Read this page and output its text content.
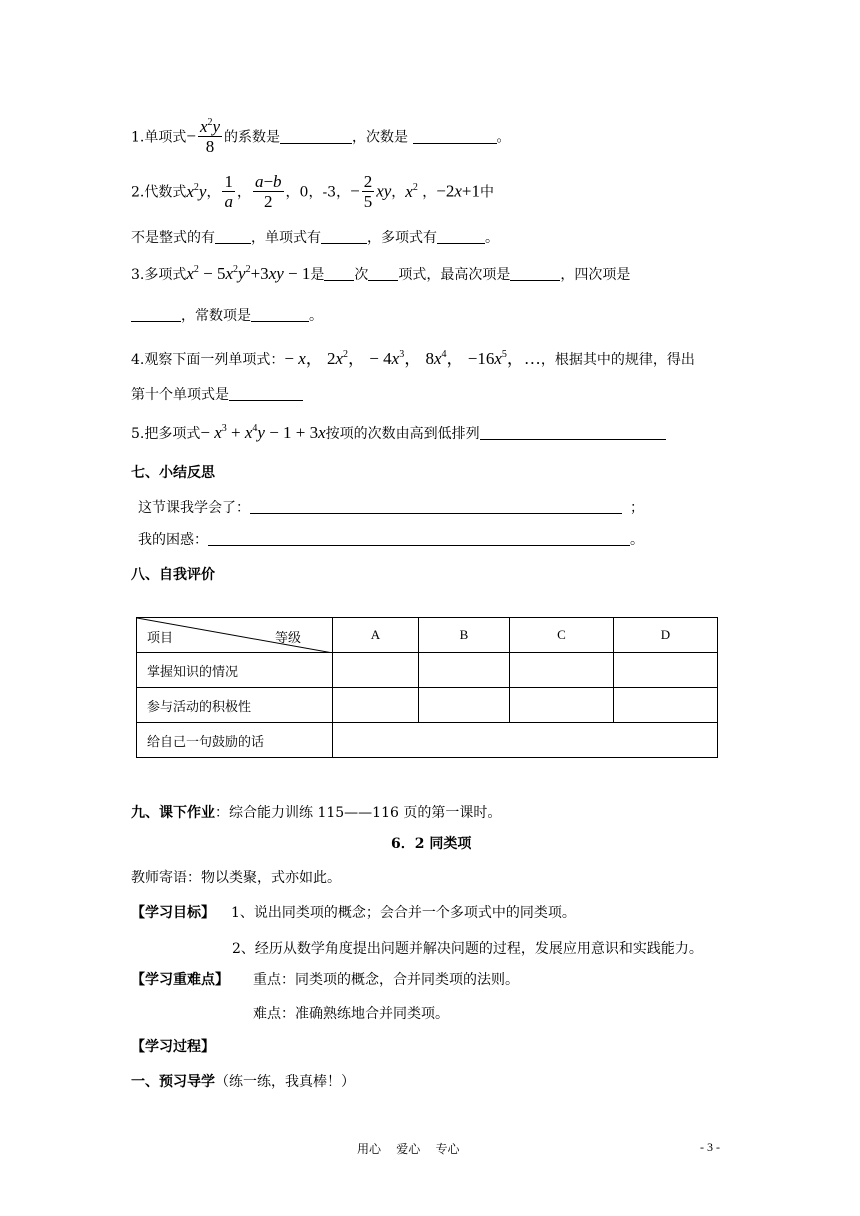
1.单项式− $\frac{x^2y}{8}$ 的系数是	，次数是	。
2.代数式$x^2y$， $\frac{1}{a}$ ， $\frac{a-b}{2}$ ，0，-3，− $\frac{2}{5}$ xy，$x^2$ ，−2x+1中
不是整式的有	，单项式有	，多项式有	。
3.多项式$x^2 - 5x^2y^2+3xy - 1$是 次 项式，最高次项是	，四次项是
，常数项是	。
4.观察下面一列单项式：− x， $2x^2$， − $4x^3$， $8x^4$， $-16x^5$，…，根据其中的规律，得出
第十个单项式是
5.把多项式− $x^3 + x^4y - 1 + 3x$按项的次数由高到低排列
七、小结反思
这节课我学会了：	；
我的困惑：	。
八、自我评价
项目 等级	A	B	C	D
掌握知识的情况				
参与活动的积极性				
给自己一句鼓励的话				
九、课下作业：综合能力训练 115——116 页的第一课时。
6．2 同类项
教师寄语：物以类聚，式亦如此。
【学习目标】 1、说出同类项的概念；会合并一个多项式中的同类项。
2、经历从数学角度提出问题并解决问题的过程，发展应用意识和实践能力。
【学习重难点】 重点：同类项的概念，合并同类项的法则。
难点：准确熟练地合并同类项。
【学习过程】
一、预习导学（练一练，我真棒！）
用心    爱心    专心	- 3 -
